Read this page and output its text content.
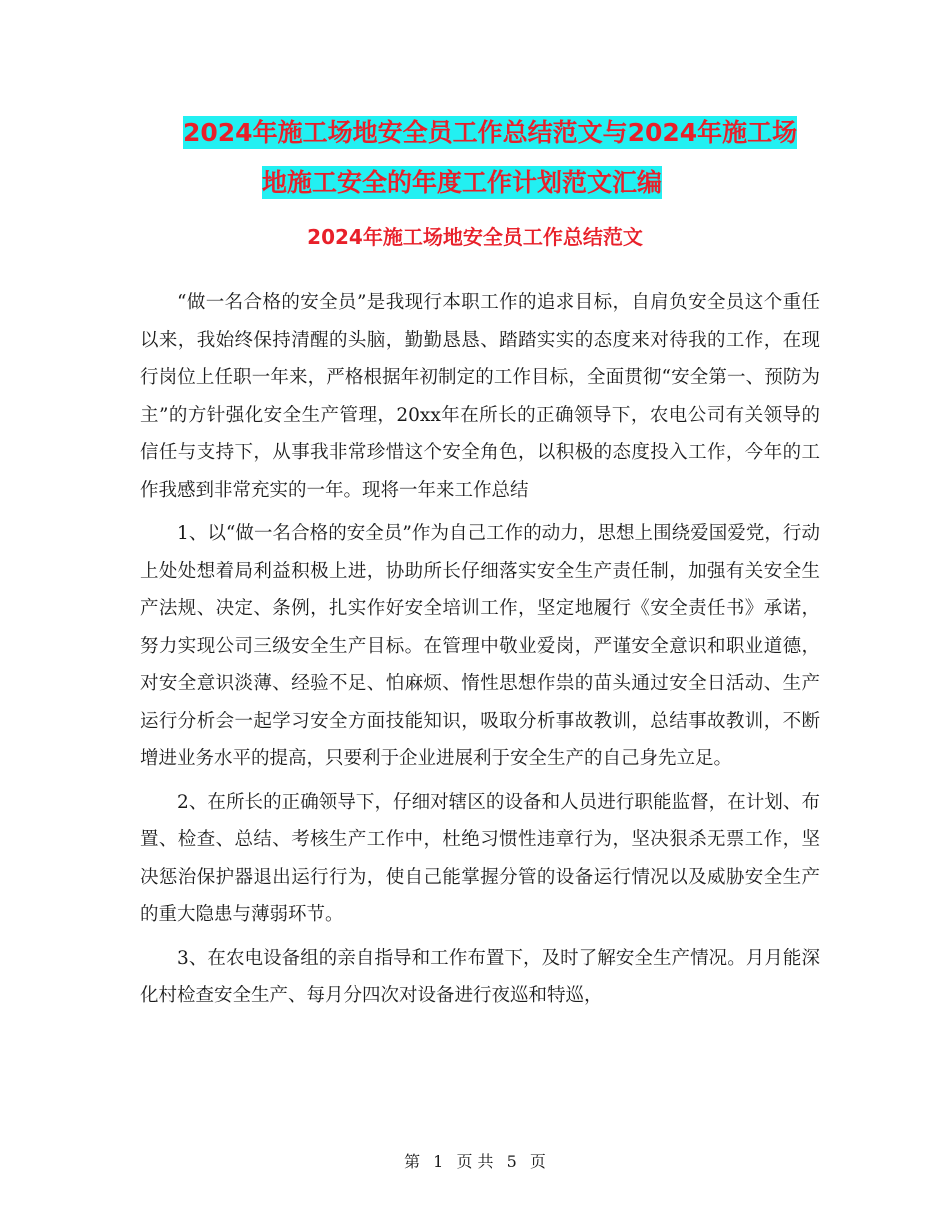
2024年施工场地安全员工作总结范文与2024年施工场
地施工安全的年度工作计划范文汇编
2024年施工场地安全员工作总结范文

“做一名合格的安全员”是我现行本职工作的追求目标，自肩负安全员这个重任以来，我始终保持清醒的头脑，勤勤恳恳、踏踏实实的态度来对待我的工作，在现行岗位上任职一年来，严格根据年初制定的工作目标，全面贯彻“安全第一、预防为主”的方针强化安全生产管理，20xx年在所长的正确领导下，农电公司有关领导的信任与支持下，从事我非常珍惜这个安全角色，以积极的态度投入工作，今年的工作我感到非常充实的一年。现将一年来工作总结

1、以“做一名合格的安全员”作为自己工作的动力，思想上围绕爱国爱党，行动上处处想着局利益积极上进，协助所长仔细落实安全生产责任制，加强有关安全生产法规、决定、条例，扎实作好安全培训工作，坚定地履行《安全责任书》承诺，努力实现公司三级安全生产目标。在管理中敬业爱岗，严谨安全意识和职业道德，对安全意识淡薄、经验不足、怕麻烦、惰性思想作祟的苗头通过安全日活动、生产运行分析会一起学习安全方面技能知识，吸取分析事故教训，总结事故教训，不断增进业务水平的提高，只要利于企业进展利于安全生产的自己身先立足。

2、在所长的正确领导下，仔细对辖区的设备和人员进行职能监督，在计划、布置、检查、总结、考核生产工作中，杜绝习惯性违章行为，坚决狠杀无票工作，坚决惩治保护器退出运行行为，使自己能掌握分管的设备运行情况以及威胁安全生产的重大隐患与薄弱环节。

3、在农电设备组的亲自指导和工作布置下，及时了解安全生产情况。月月能深化村检查安全生产、每月分四次对设备进行夜巡和特巡，

第 1 页 共 5 页
